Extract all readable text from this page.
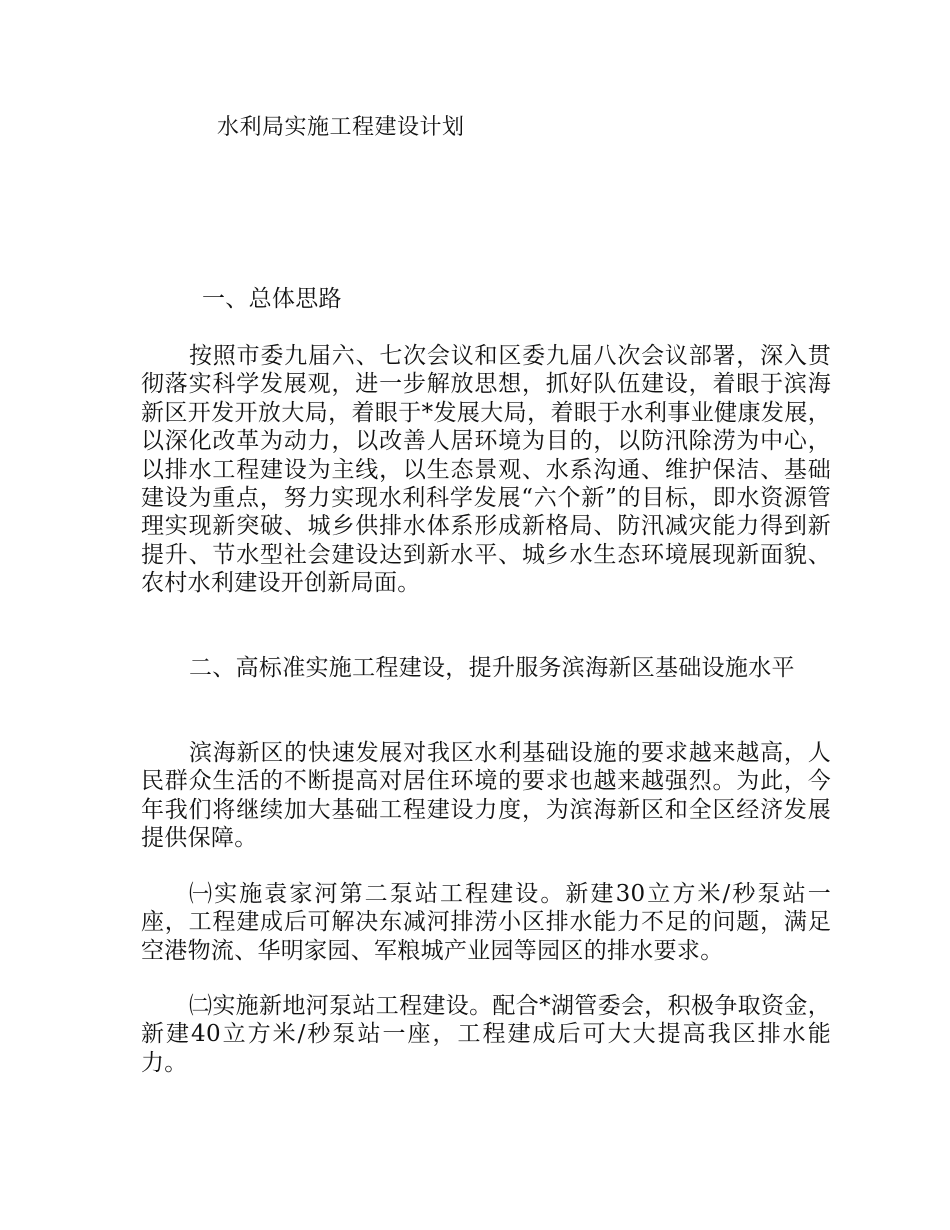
水利局实施工程建设计划
一、总体思路
按照市委九届六、七次会议和区委九届八次会议部署，深入贯彻落实科学发展观，进一步解放思想，抓好队伍建设，着眼于滨海新区开发开放大局，着眼于*发展大局，着眼于水利事业健康发展，以深化改革为动力，以改善人居环境为目的，以防汛除涝为中心，以排水工程建设为主线，以生态景观、水系沟通、维护保洁、基础建设为重点，努力实现水利科学发展“六个新”的目标，即水资源管理实现新突破、城乡供排水体系形成新格局、防汛减灾能力得到新提升、节水型社会建设达到新水平、城乡水生态环境展现新面貌、农村水利建设开创新局面。
二、高标准实施工程建设，提升服务滨海新区基础设施水平
滨海新区的快速发展对我区水利基础设施的要求越来越高，人民群众生活的不断提高对居住环境的要求也越来越强烈。为此，今年我们将继续加大基础工程建设力度，为滨海新区和全区经济发展提供保障。
㈠实施袁家河第二泵站工程建设。新建30立方米/秒泵站一座，工程建成后可解决东减河排涝小区排水能力不足的问题，满足空港物流、华明家园、军粮城产业园等园区的排水要求。
㈡实施新地河泵站工程建设。配合*湖管委会，积极争取资金，新建40立方米/秒泵站一座，工程建成后可大大提高我区排水能力。
